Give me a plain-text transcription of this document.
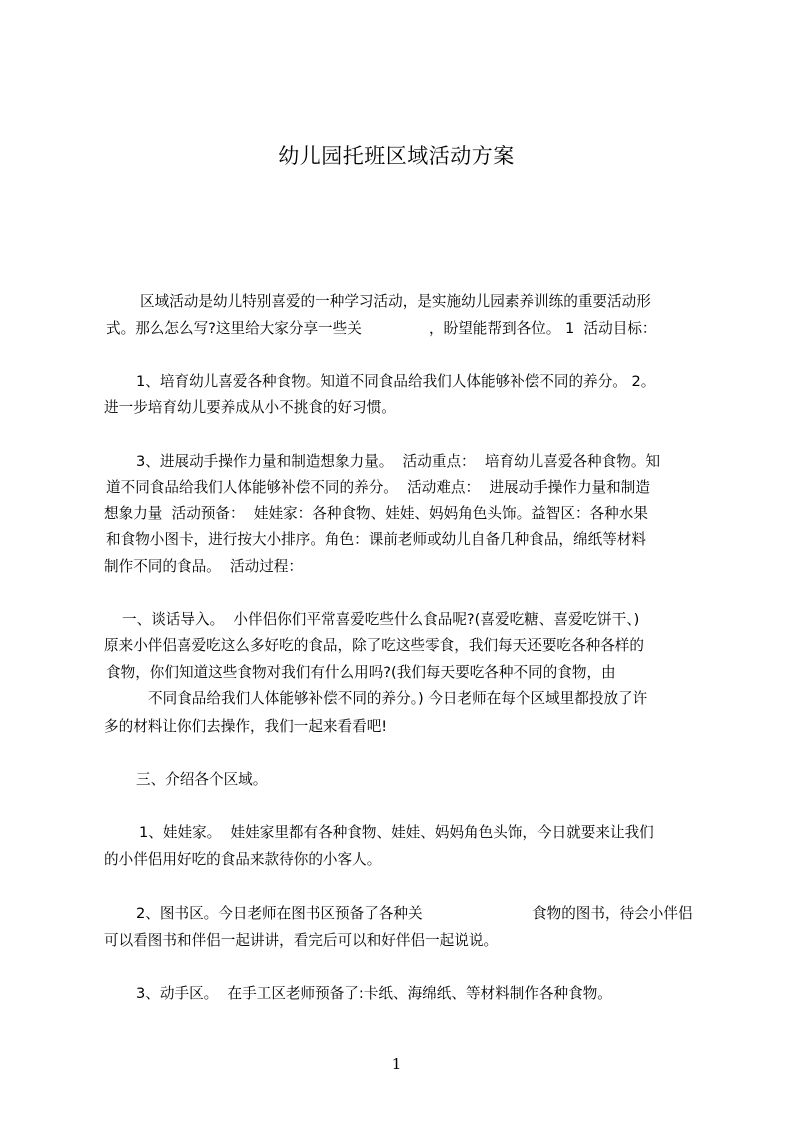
幼儿园托班区域活动方案
区域活动是幼儿特别喜爱的一种学习活动，是实施幼儿园素养训练的重要活动形
式。那么怎么写?这里给大家分享一些关	，盼望能帮到各位。 1  活动目标：
1、培育幼儿喜爱各种食物。知道不同食品给我们人体能够补偿不同的养分。 2。
进一步培育幼儿要养成从小不挑食的好习惯。
3、进展动手操作力量和制造想象力量。  活动重点：  培育幼儿喜爱各种食物。知
道不同食品给我们人体能够补偿不同的养分。  活动难点：  进展动手操作力量和制造
想象力量  活动预备：  娃娃家：各种食物、娃娃、妈妈角色头饰。益智区：各种水果
和食物小图卡，进行按大小排序。角色：课前老师或幼儿自备几种食品，绵纸等材料
制作不同的食品。  活动过程：
一、谈话导入。  小伴侣你们平常喜爱吃些什么食品呢?(喜爱吃糖、喜爱吃饼干、)
原来小伴侣喜爱吃这么多好吃的食品，除了吃这些零食，我们每天还要吃各种各样的
食物，你们知道这些食物对我们有什么用吗?(我们每天要吃各种不同的食物，由
不同食品给我们人体能够补偿不同的养分。) 今日老师在每个区域里都投放了许
多的材料让你们去操作，我们一起来看看吧!
三、介绍各个区域。
1、娃娃家。  娃娃家里都有各种食物、娃娃、妈妈角色头饰，今日就要来让我们
的小伴侣用好吃的食品来款待你的小客人。
2、图书区。今日老师在图书区预备了各种关	食物的图书，待会小伴侣
可以看图书和伴侣一起讲讲，看完后可以和好伴侣一起说说。
3、动手区。  在手工区老师预备了:卡纸、海绵纸、等材料制作各种食物。
1
